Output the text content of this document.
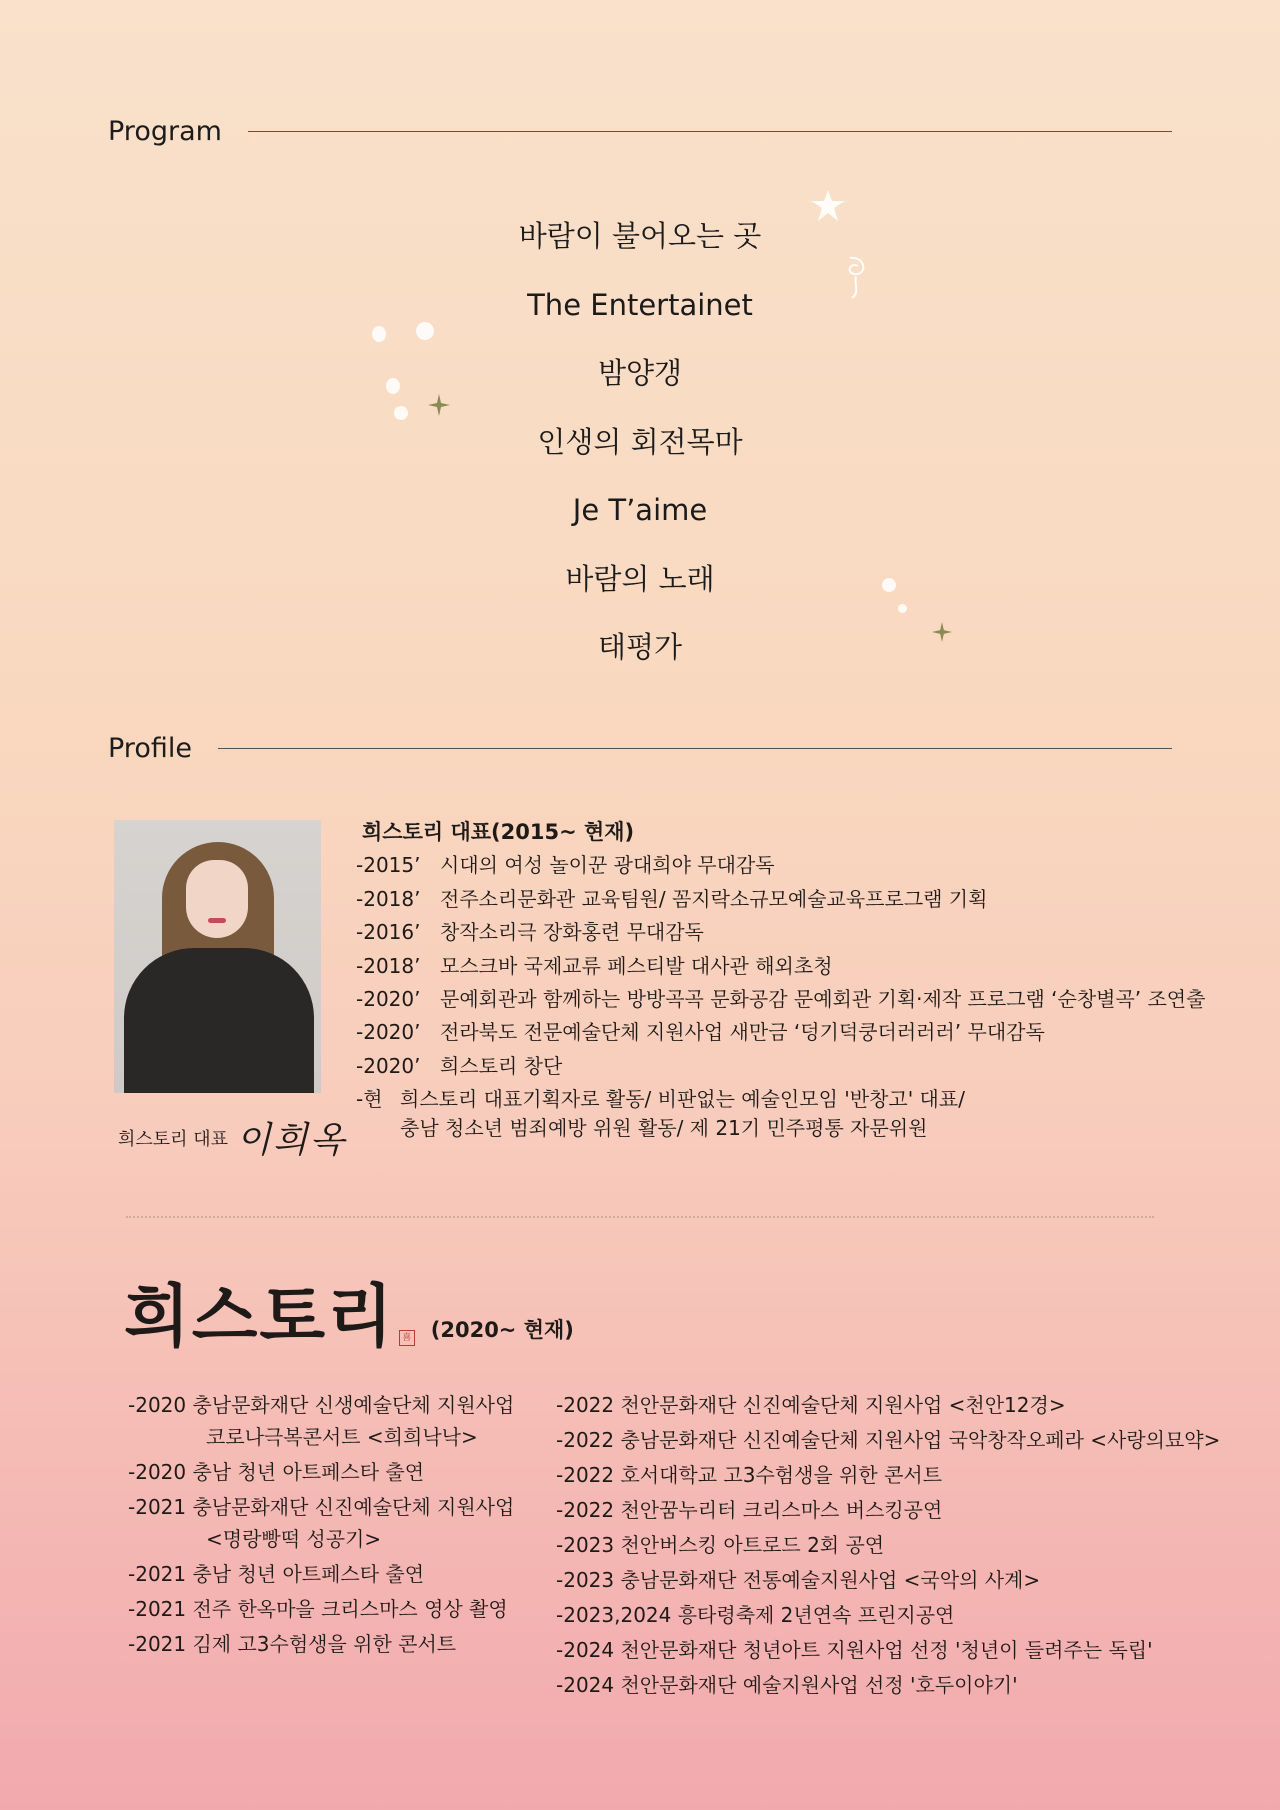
Program
바람이 불어오는 곳
The Entertainet
밤양갱
인생의 회전목마
Je T’aime
바람의 노래
태평가
Profile
희스토리 대표 이희옥
희스토리 대표(2015~ 현재)
-2015’ 시대의 여성 놀이꾼 광대희야 무대감독
-2018’ 전주소리문화관 교육팀원/ 꼼지락소규모예술교육프로그램 기획
-2016’ 창작소리극 장화홍련 무대감독
-2018’ 모스크바 국제교류 페스티발 대사관 해외초청
-2020’ 문예회관과 함께하는 방방곡곡 문화공감 문예회관 기획·제작 프로그램 ‘순창별곡’ 조연출
-2020’ 전라북도 전문예술단체 지원사업 새만금 ‘덩기덕쿵더러러러’ 무대감독
-2020’ 희스토리 창단
-현 희스토리 대표기획자로 활동/ 비판없는 예술인모임 '반창고' 대표/
충남 청소년 범죄예방 위원 활동/ 제 21기 민주평통 자문위원
희스토리 喜 (2020~ 현재)
-2020 충남문화재단 신생예술단체 지원사업
코로나극복콘서트 <희희낙낙>
-2020 충남 청년 아트페스타 출연
-2021 충남문화재단 신진예술단체 지원사업
<명랑빵떡 성공기>
-2021 충남 청년 아트페스타 출연
-2021 전주 한옥마을 크리스마스 영상 촬영
-2021 김제 고3수험생을 위한 콘서트
-2022 천안문화재단 신진예술단체 지원사업 <천안12경>
-2022 충남문화재단 신진예술단체 지원사업 국악창작오페라 <사랑의묘약>
-2022 호서대학교 고3수험생을 위한 콘서트
-2022 천안꿈누리터 크리스마스 버스킹공연
-2023 천안버스킹 아트로드 2회 공연
-2023 충남문화재단 전통예술지원사업 <국악의 사계>
-2023,2024 흥타령축제 2년연속 프린지공연
-2024 천안문화재단 청년아트 지원사업 선정 '청년이 들려주는 독립'
-2024 천안문화재단 예술지원사업 선정 '호두이야기'
